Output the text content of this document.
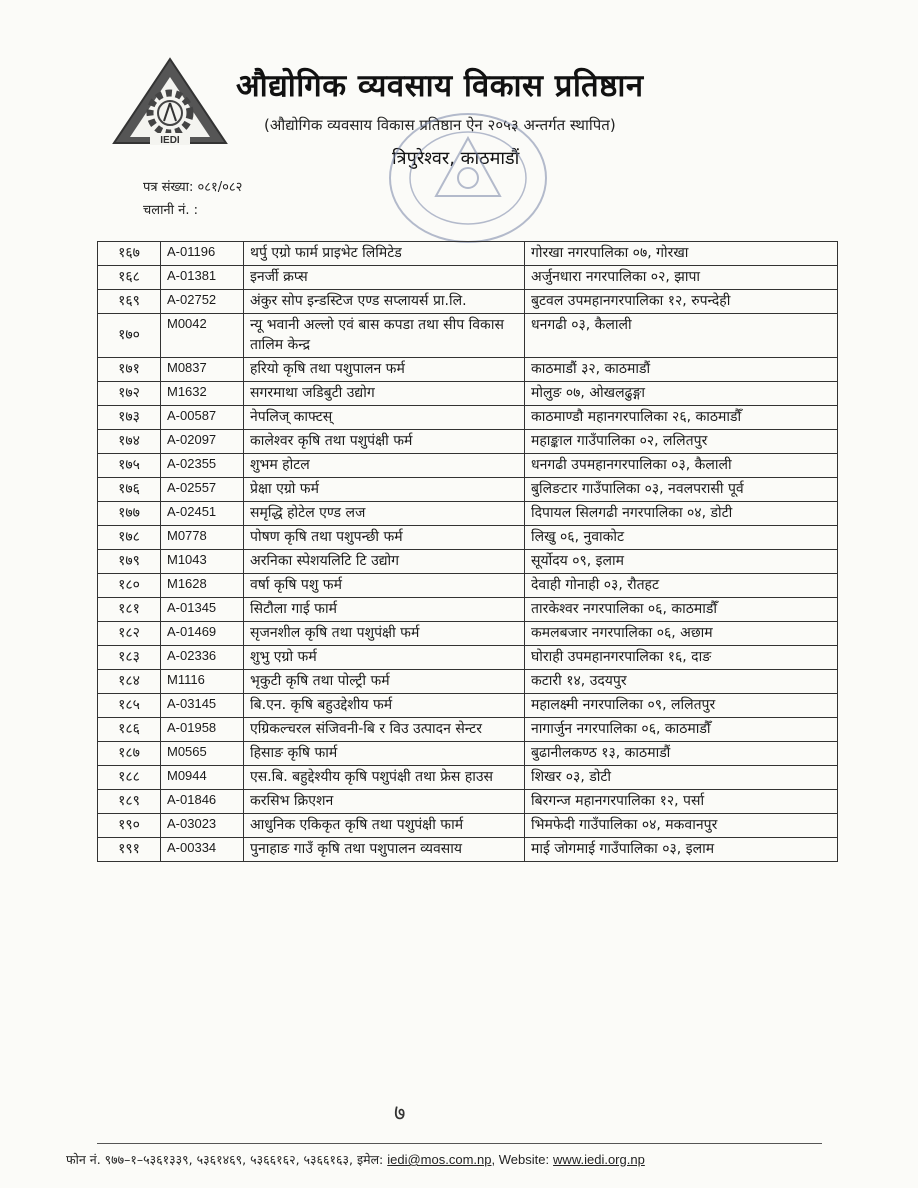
IEDI
औद्योगिक व्यवसाय विकास प्रतिष्ठान
(औद्योगिक व्यवसाय विकास प्रतिष्ठान ऐन २०५३ अन्तर्गत स्थापित)
त्रिपुरेश्वर, काठमाडौं
पत्र संख्या: ०८१/०८२
चलानी नं. :
१६७	A-01196	थर्पु एग्रो फार्म प्राइभेट लिमिटेड	गोरखा नगरपालिका ०७, गोरखा
१६८	A-01381	इनर्जी क्रप्स	अर्जुनधारा नगरपालिका ०२, झापा
१६९	A-02752	अंकुर सोप इन्डस्टिज एण्ड सप्लायर्स प्रा.लि.	बुटवल उपमहानगरपालिका १२, रुपन्देही
१७०	M0042	न्यू भवानी अल्लो एवं बास कपडा तथा सीप विकास तालिम केन्द्र	धनगढी ०३, कैलाली
१७१	M0837	हरियो कृषि तथा पशुपालन फर्म	काठमाडौं ३२, काठमाडौं
१७२	M1632	सगरमाथा जडिबुटी उद्योग	मोलुङ ०७, ओखलढुङ्गा
१७३	A-00587	नेपलिज् काफ्टस्	काठमाण्डौ महानगरपालिका २६, काठमाडौँ
१७४	A-02097	कालेश्वर कृषि तथा पशुपंक्षी फर्म	महाङ्काल गाउँपालिका ०२, ललितपुर
१७५	A-02355	शुभम होटल	धनगढी उपमहानगरपालिका ०३, कैलाली
१७६	A-02557	प्रेक्षा एग्रो फर्म	बुलिङटार गाउँपालिका ०३, नवलपरासी पूर्व
१७७	A-02451	समृद्धि होटेल एण्ड लज	दिपायल सिलगढी नगरपालिका ०४, डोटी
१७८	M0778	पोषण कृषि तथा पशुपन्छी फर्म	लिखु ०६, नुवाकोट
१७९	M1043	अरनिका स्पेशयलिटि टि उद्योग	सूर्योदय ०९, इलाम
१८०	M1628	वर्षा कृषि पशु फर्म	देवाही गोनाही ०३, रौतहट
१८१	A-01345	सिटौला गाई फार्म	तारकेश्वर नगरपालिका ०६, काठमाडौँ
१८२	A-01469	सृजनशील कृषि तथा पशुपंक्षी फर्म	कमलबजार नगरपालिका ०६, अछाम
१८३	A-02336	शुभु एग्रो फर्म	घोराही उपमहानगरपालिका १६, दाङ
१८४	M1116	भृकुटी कृषि तथा पोल्ट्री फर्म	कटारी १४, उदयपुर
१८५	A-03145	बि.एन. कृषि बहुउद्देशीय फर्म	महालक्ष्मी नगरपालिका ०९, ललितपुर
१८६	A-01958	एग्रिकल्चरल संजिवनी-बि र विउ उत्पादन सेन्टर	नागार्जुन नगरपालिका ०६, काठमाडौँ
१८७	M0565	हिसाङ कृषि फार्म	बुढानीलकण्ठ १३, काठमाडौं
१८८	M0944	एस.बि. बहुद्देश्यीय कृषि पशुपंक्षी तथा फ्रेस हाउस	शिखर ०३, डोटी
१८९	A-01846	करसिभ क्रिएशन	बिरगन्ज महानगरपालिका १२, पर्सा
१९०	A-03023	आधुनिक एकिकृत कृषि तथा पशुपंक्षी फार्म	भिमफेदी गाउँपालिका ०४, मकवानपुर
१९१	A-00334	पुनाहाङ गाउँ कृषि तथा पशुपालन व्यवसाय	माई जोगमाई गाउँपालिका ०३, इलाम
७
फोन नं. ९७७–१–५३६१३३९, ५३६१४६९, ५३६६१६२, ५३६६१६३, इमेल: iedi@mos.com.np, Website: www.iedi.org.np
